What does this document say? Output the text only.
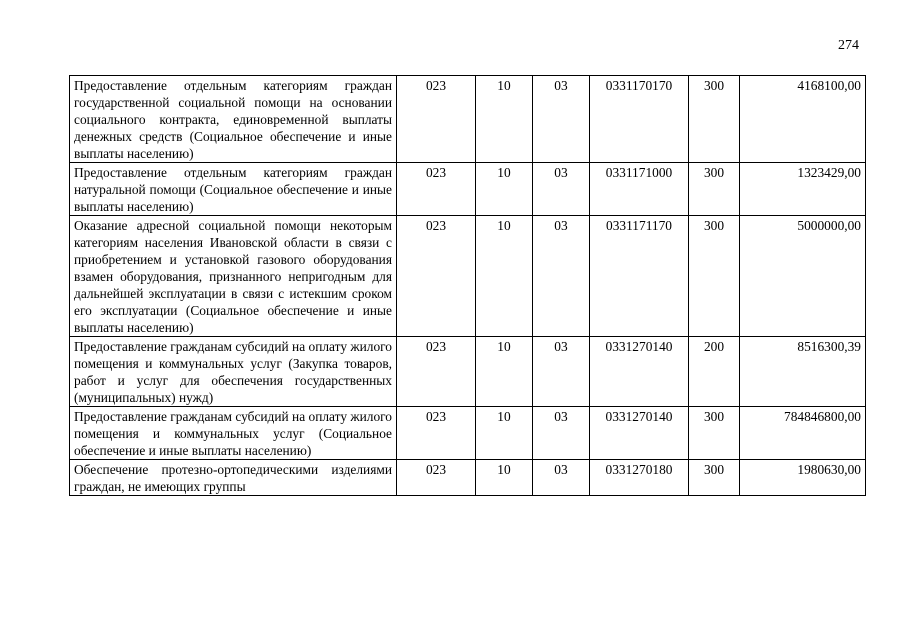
274
Предоставление отдельным категориям граждан государственной социальной помощи на основании социального контракта, единовременной выплаты денежных средств (Социальное обеспечение и иные выплаты населению)	023	10	03	0331170170	300	4168100,00
Предоставление отдельным категориям граждан натуральной помощи (Социальное обеспечение и иные выплаты населению)	023	10	03	0331171000	300	1323429,00
Оказание адресной социальной помощи некоторым категориям населения Ивановской области в связи с приобретением и установкой газового оборудования взамен оборудования, признанного непригодным для дальнейшей эксплуатации в связи с истекшим сроком его эксплуатации (Социальное обеспечение и иные выплаты населению)	023	10	03	0331171170	300	5000000,00
Предоставление гражданам субсидий на оплату жилого помещения и коммунальных услуг (Закупка товаров, работ и услуг для обеспечения государственных (муниципальных) нужд)	023	10	03	0331270140	200	8516300,39
Предоставление гражданам субсидий на оплату жилого помещения и коммунальных услуг (Социальное обеспечение и иные выплаты населению)	023	10	03	0331270140	300	784846800,00

Обеспечение протезно-ортопедическими изделиями граждан, не имеющих группы	023	10	03	0331270180	300	1980630,00
